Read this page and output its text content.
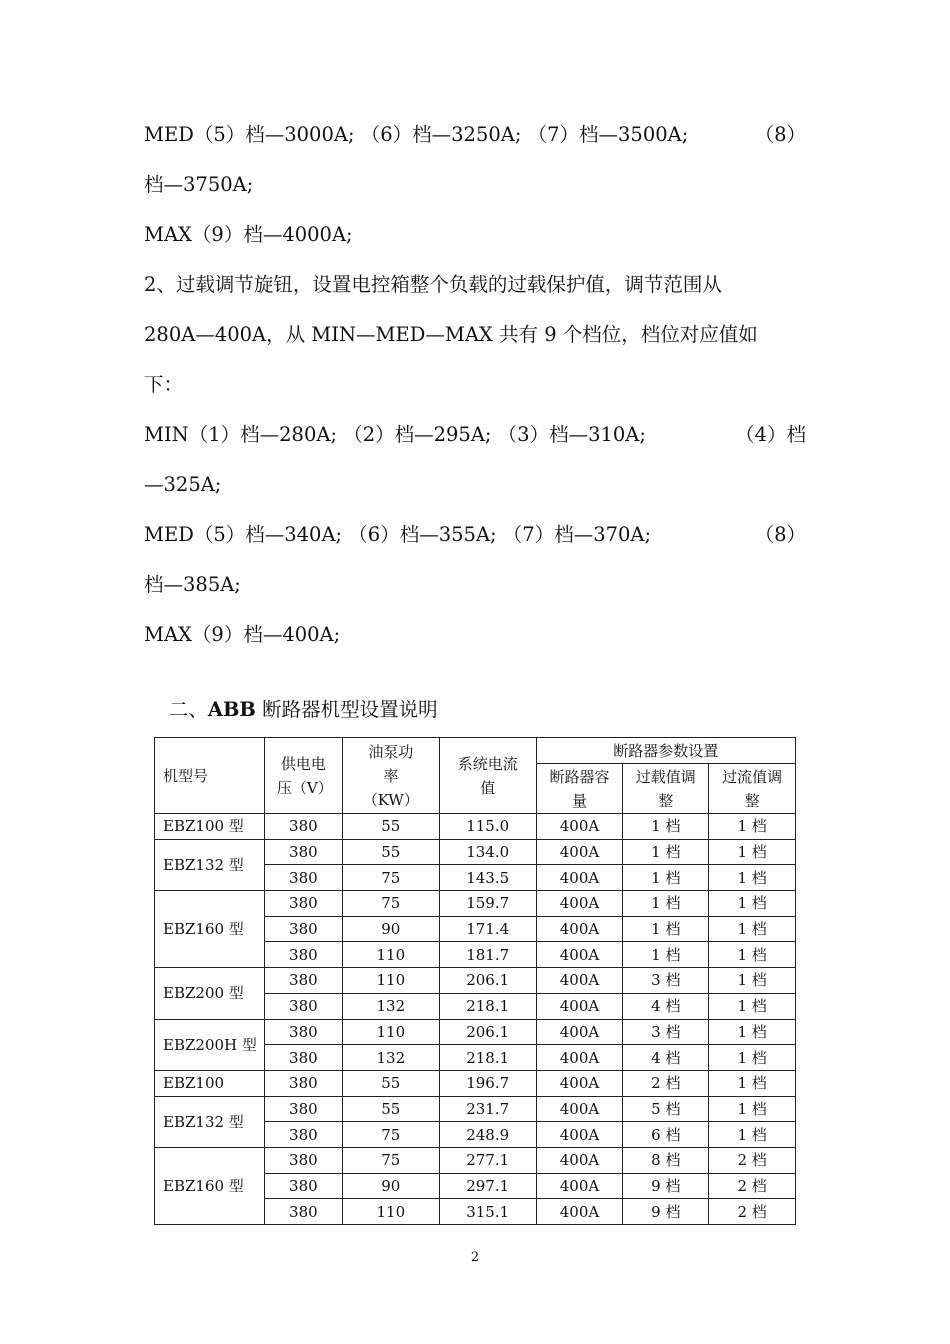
MED（5）档—3000A; （6）档—3250A; （7）档—3500A;	（8）
档—3750A;
MAX（9）档—4000A;
2、过载调节旋钮，设置电控箱整个负载的过载保护值，调节范围从
280A—400A，从 MIN—MED—MAX 共有 9 个档位，档位对应值如
下：
MIN（1）档—280A; （2）档—295A; （3）档—310A;	（4）档
—325A;
MED（5）档—340A; （6）档—355A; （7）档—370A;	（8）
档—385A;
MAX（9）档—400A;

二、ABB 断路器机型设置说明

机型号	供电电压（V）	油泵功率（KW）	系统电流值	断路器参数设置		
				断路器容量	过载值调整	过流值调整
EBZ100 型	380	55	115.0	400A	1 档	1 档
EBZ132 型	380	55	134.0	400A	1 档	1 档
	380	75	143.5	400A	1 档	1 档
EBZ160 型	380	75	159.7	400A	1 档	1 档
	380	90	171.4	400A	1 档	1 档
	380	110	181.7	400A	1 档	1 档
EBZ200 型	380	110	206.1	400A	3 档	1 档
	380	132	218.1	400A	4 档	1 档
EBZ200H 型	380	110	206.1	400A	3 档	1 档
	380	132	218.1	400A	4 档	1 档
EBZ100	380	55	196.7	400A	2 档	1 档
EBZ132 型	380	55	231.7	400A	5 档	1 档
	380	75	248.9	400A	6 档	1 档
EBZ160 型	380	75	277.1	400A	8 档	2 档
	380	90	297.1	400A	9 档	2 档
	380	110	315.1	400A	9 档	2 档
2
